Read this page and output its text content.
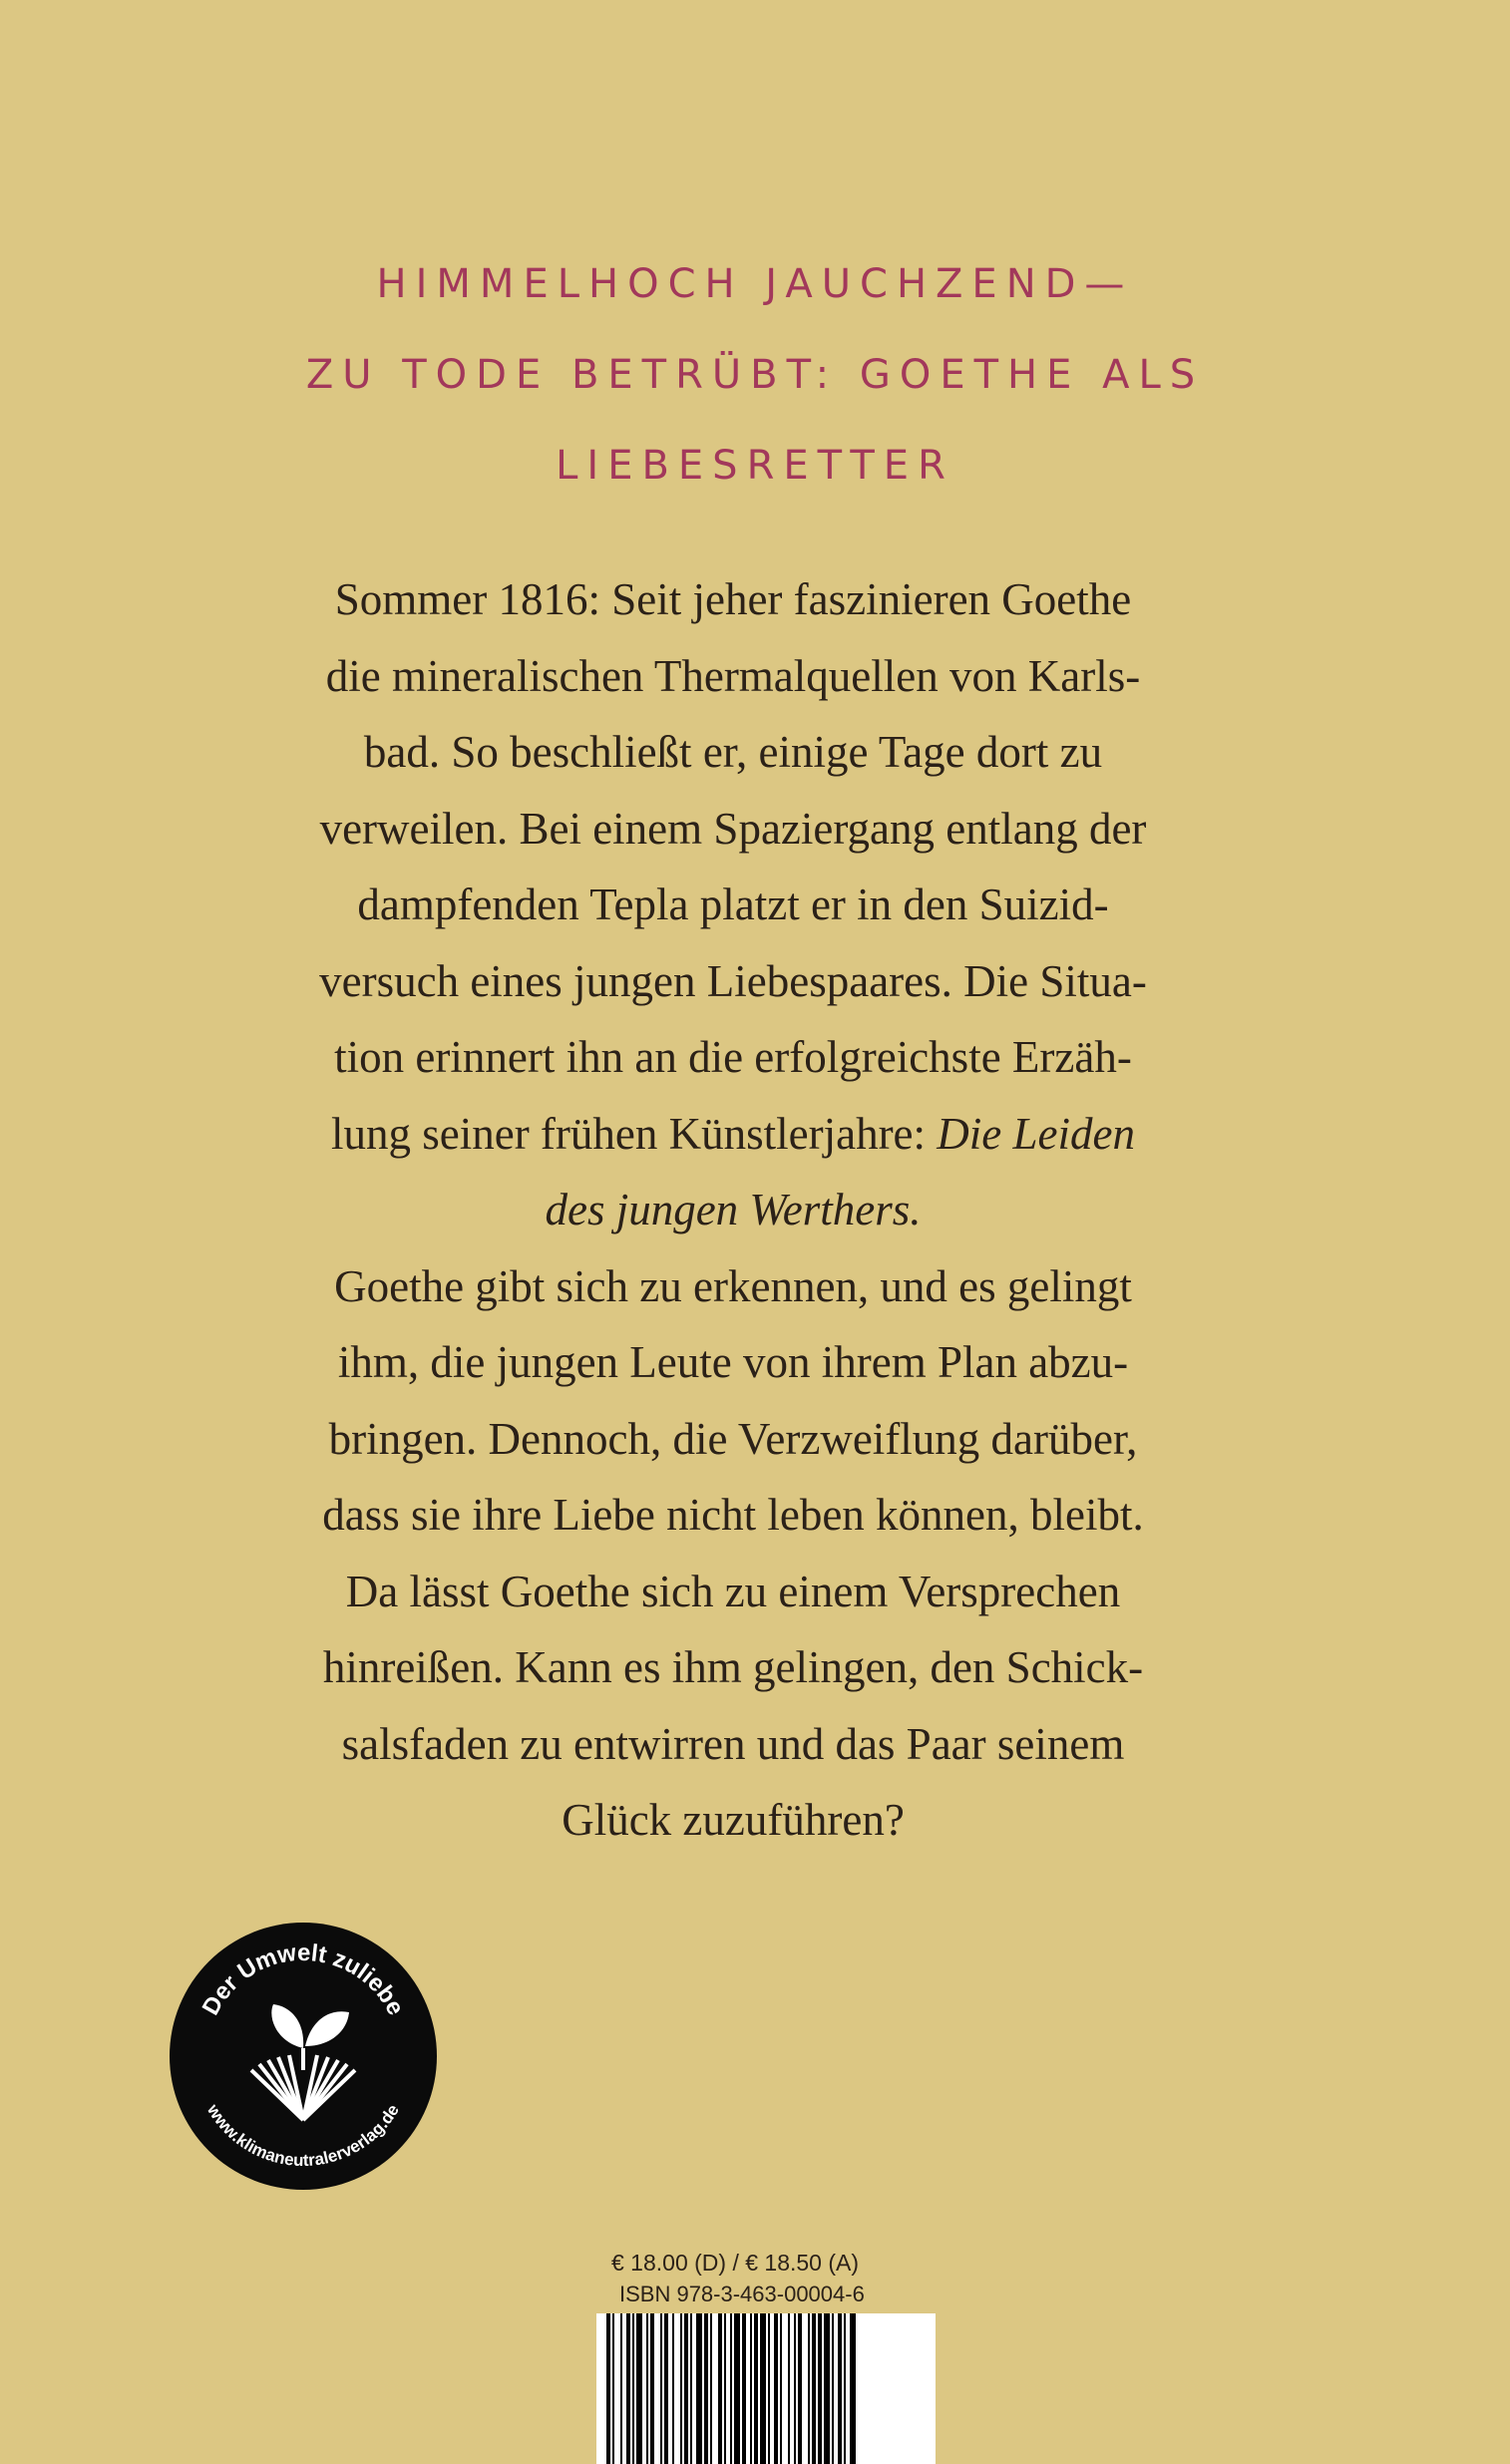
HIMMELHOCH JAUCHZEND—
ZU TODE BETRÜBT: GOETHE ALS
LIEBESRETTER
Sommer 1816: Seit jeher faszinieren Goethe
die mineralischen Thermalquellen von Karls-
bad. So beschließt er, einige Tage dort zu
verweilen. Bei einem Spaziergang entlang der
dampfenden Tepla platzt er in den Suizid-
versuch eines jungen Liebespaares. Die Situa-
tion erinnert ihn an die erfolgreichste Erzäh-
lung seiner frühen Künstlerjahre: Die Leiden
des jungen Werthers.
Goethe gibt sich zu erkennen, und es gelingt
ihm, die jungen Leute von ihrem Plan abzu-
bringen. Dennoch, die Verzweiflung darüber,
dass sie ihre Liebe nicht leben können, bleibt.
Da lässt Goethe sich zu einem Versprechen
hinreißen. Kann es ihm gelingen, den Schick-
salsfaden zu entwirren und das Paar seinem
Glück zuzuführen?
Der Umwelt zuliebe
www.klimaneutralerverlag.de
€ 18.00 (D) / € 18.50 (A)
ISBN 978-3-463-00004-6
